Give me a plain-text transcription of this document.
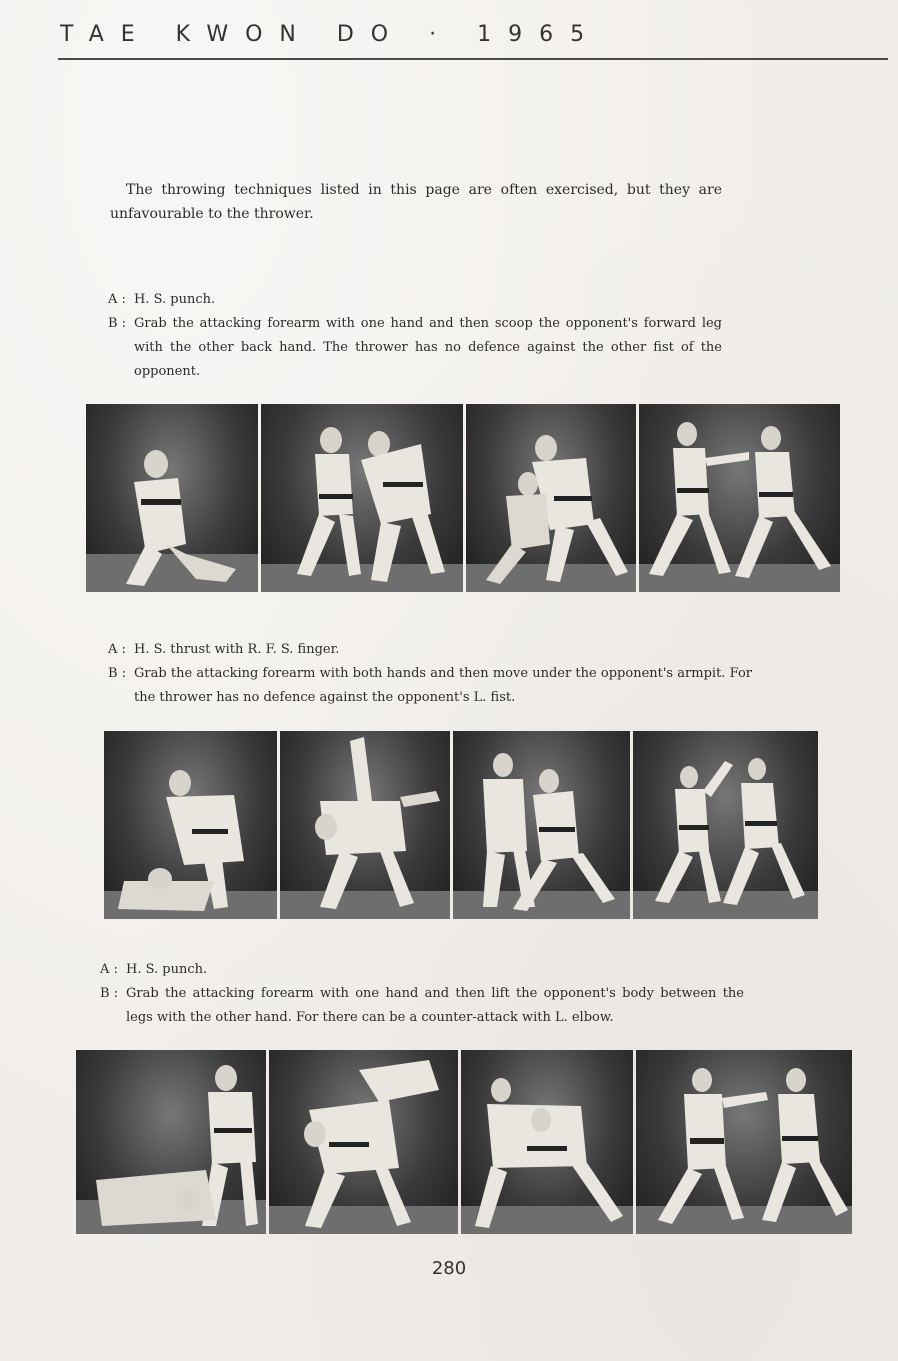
TAE KWON DO · 1965

The throwing techniques listed in this page are often exercised, but they are unfavourable to the thrower.

A : H. S. punch.
B : Grab the attacking forearm with one hand and then scoop the opponent's forward leg with the other back hand. The thrower has no defence against the other fist of the opponent.
A : H. S. thrust with R. F. S. finger.
B : Grab the attacking forearm with both hands and then move under the opponent's armpit. For the thrower has no defence against the opponent's L. fist.
A : H. S. punch.
B : Grab the attacking forearm with one hand and then lift the opponent's body between the legs with the other hand. For there can be a counter-attack with L. elbow.
280
